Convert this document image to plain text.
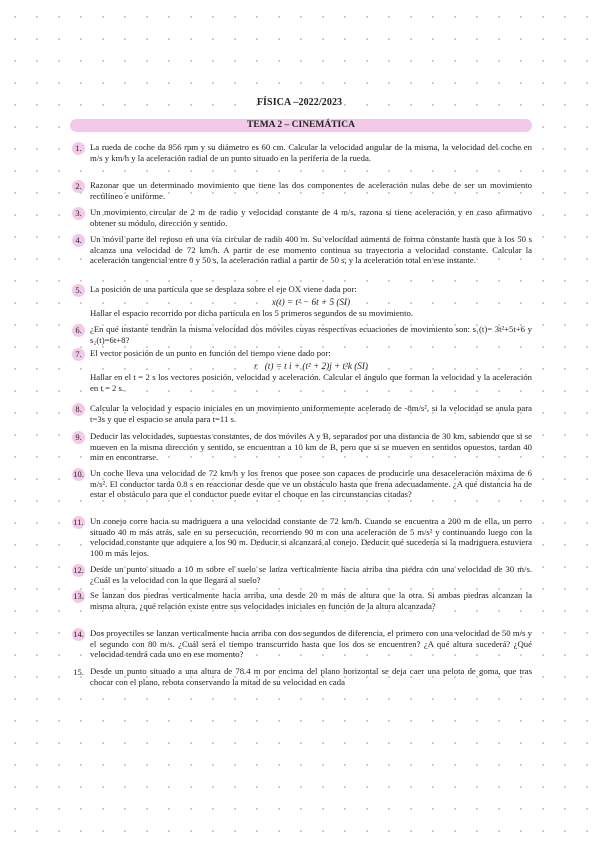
FÍSICA –2022/2023
TEMA 2 – CINEMÁTICA
1. La rueda de coche da 956 rpm y su diámetro es 60 cm. Calcular la velocidad angular de la misma, la velocidad del coche en m/s y km/h y la aceleración radial de un punto situado en la periferia de la rueda.

2. Razonar que un determinado movimiento que tiene las dos componentes de aceleración nulas debe de ser un movimiento rectilíneo e uniforme.

3. Un movimiento circular de 2 m de radio y velocidad constante de 4 m/s, razona si tiene aceleración y en caso afirmativo obtener su módulo, dirección y sentido.

4. Un móvil parte del reposo en una vía circular de radio 400 m. Su velocidad aumenta de forma constante hasta que a los 50 s alcanza una velocidad de 72 km/h. A partir de ese momento continua su trayectoria a velocidad constante. Calcular la aceleración tangencial entre 0 y 50 s, la aceleración radial a partir de 50 s, y la aceleración total en ese instante.

5. La posición de una partícula que se desplaza sobre el eje OX viene dada por:

x(t) = t² − 6t + 5 (SI)

Hallar el espacio recorrido por dicha partícula en los 5 primeros segundos de su movimiento.

6. ¿En qué instante tendrán la misma velocidad dos móviles cuyas respectivas ecuaciones de movimiento son: s₁(t)= 3t²+5t+6 y s₂(t)=6t+8?

7. El vector posición de un punto en función del tiempo viene dado por:

r⃗(t) = t i + (t² + 2)j + t²k (SI)

Hallar en el t = 2 s los vectores posición, velocidad y aceleración. Calcular el ángulo que forman la velocidad y la aceleración en t = 2 s.

8. Calcular la velocidad y espacio iniciales en un movimiento uniformemente acelerado de -8m/s², si la velocidad se anula para t=3s y que el espacio se anula para t=11 s.

9. Deducir las velocidades, supuestas constantes, de dos móviles A y B, separados por una distancia de 30 km, sabiendo que si se mueven en la misma dirección y sentido, se encuentran a 10 km de B, pero que si se mueven en sentidos opuestos, tardan 40 min en encontrarse.

10. Un coche lleva una velocidad de 72 km/h y los frenos que posee son capaces de producirle una desaceleración máxima de 6 m/s². El conductor tarda 0.8 s en reaccionar desde que ve un obstáculo hasta que frena adecuadamente. ¿A qué distancia ha de estar el obstáculo para que el conductor puede evitar el choque en las circunstancias citadas?

11. Un conejo corre hacia su madriguera a una velocidad constante de 72 km/h. Cuando se encuentra a 200 m de ella, un perro situado 40 m más atrás, sale en su persecución, recorriendo 90 m con una aceleración de 5 m/s² y continuando luego con la velocidad constante que adquiere a los 90 m. Deducir si alcanzará al conejo. Deducir qué sucedería si la madriguera estuviera 100 m más lejos.

12. Desde un punto situado a 10 m sobre el suelo se lanza verticalmente hacia arriba una piedra con una velocidad de 30 m/s. ¿Cuál es la velocidad con la que llegará al suelo?

13. Se lanzan dos piedras verticalmente hacia arriba, una desde 20 m más de altura que la otra. Si ambas piedras alcanzan la misma altura, ¿qué relación existe entre sus velocidades iniciales en función de la altura alcanzada?

14. Dos proyectiles se lanzan verticalmente hacia arriba con dos segundos de diferencia, el primero con una velocidad de 50 m/s y el segundo con 80 m/s. ¿Cuál será el tiempo transcurrido hasta que los dos se encuentren? ¿A qué altura sucederá? ¿Qué velocidad tendrá cada uno en ese momento?

15. Desde un punto situado a una altura de 78.4 m por encima del plano horizontal se deja caer una pelota de goma, que tras chocar con el plano, rebota conservando la mitad de su velocidad en cada
